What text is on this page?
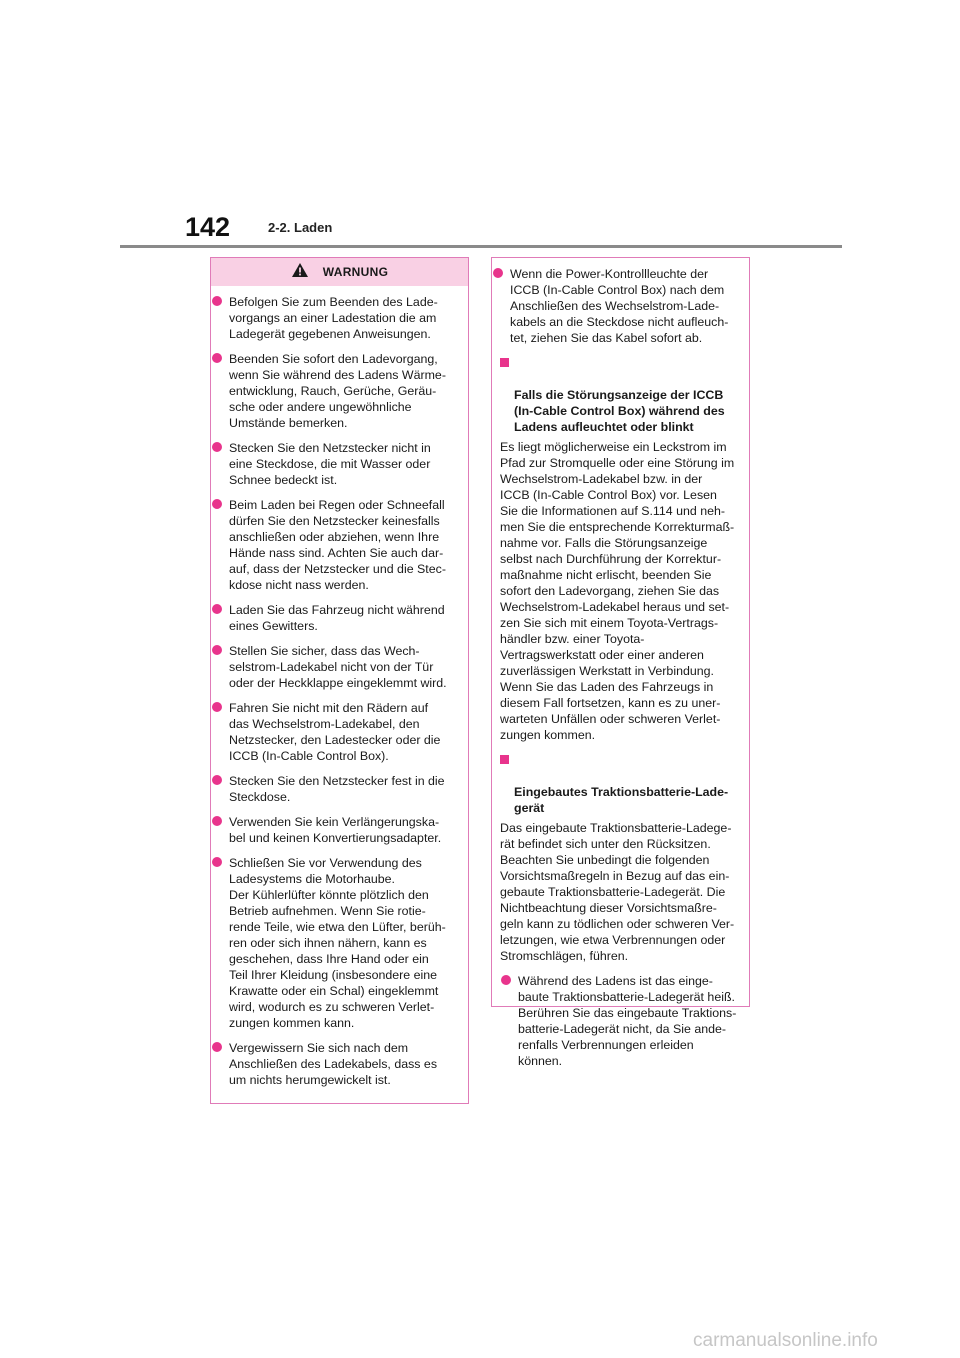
142	2-2. Laden
WARNUNG

Befolgen Sie zum Beenden des Lade-
vorgangs an einer Ladestation die am
Ladegerät gegebenen Anweisungen.

Beenden Sie sofort den Ladevorgang,
wenn Sie während des Ladens Wärme-
entwicklung, Rauch, Gerüche, Geräu-
sche oder andere ungewöhnliche
Umstände bemerken.

Stecken Sie den Netzstecker nicht in
eine Steckdose, die mit Wasser oder
Schnee bedeckt ist.

Beim Laden bei Regen oder Schneefall
dürfen Sie den Netzstecker keinesfalls
anschließen oder abziehen, wenn Ihre
Hände nass sind. Achten Sie auch dar-
auf, dass der Netzstecker und die Stec-
kdose nicht nass werden.

Laden Sie das Fahrzeug nicht während
eines Gewitters.

Stellen Sie sicher, dass das Wech-
selstrom-Ladekabel nicht von der Tür
oder der Heckklappe eingeklemmt wird.

Fahren Sie nicht mit den Rädern auf
das Wechselstrom-Ladekabel, den
Netzstecker, den Ladestecker oder die
ICCB (In-Cable Control Box).

Stecken Sie den Netzstecker fest in die
Steckdose.

Verwenden Sie kein Verlängerungska-
bel und keinen Konvertierungsadapter.

Schließen Sie vor Verwendung des
Ladesystems die Motorhaube.
Der Kühlerlüfter könnte plötzlich den
Betrieb aufnehmen. Wenn Sie rotie-
rende Teile, wie etwa den Lüfter, berüh-
ren oder sich ihnen nähern, kann es
geschehen, dass Ihre Hand oder ein
Teil Ihrer Kleidung (insbesondere eine
Krawatte oder ein Schal) eingeklemmt
wird, wodurch es zu schweren Verlet-
zungen kommen kann.

Vergewissern Sie sich nach dem
Anschließen des Ladekabels, dass es
um nichts herumgewickelt ist.

Wenn die Power-Kontrollleuchte der
ICCB (In-Cable Control Box) nach dem
Anschließen des Wechselstrom-Lade-
kabels an die Steckdose nicht aufleuch-
tet, ziehen Sie das Kabel sofort ab.

Falls die Störungsanzeige der ICCB
(In-Cable Control Box) während des
Ladens aufleuchtet oder blinkt

Es liegt möglicherweise ein Leckstrom im
Pfad zur Stromquelle oder eine Störung im
Wechselstrom-Ladekabel bzw. in der
ICCB (In-Cable Control Box) vor. Lesen
Sie die Informationen auf S.114 und neh-
men Sie die entsprechende Korrekturmaß-
nahme vor. Falls die Störungsanzeige
selbst nach Durchführung der Korrektur-
maßnahme nicht erlischt, beenden Sie
sofort den Ladevorgang, ziehen Sie das
Wechselstrom-Ladekabel heraus und set-
zen Sie sich mit einem Toyota-Vertrags-
händler bzw. einer Toyota-
Vertragswerkstatt oder einer anderen
zuverlässigen Werkstatt in Verbindung.
Wenn Sie das Laden des Fahrzeugs in
diesem Fall fortsetzen, kann es zu uner-
warteten Unfällen oder schweren Verlet-
zungen kommen.

Eingebautes Traktionsbatterie-Lade-
gerät

Das eingebaute Traktionsbatterie-Ladege-
rät befindet sich unter den Rücksitzen.
Beachten Sie unbedingt die folgenden
Vorsichtsmaßregeln in Bezug auf das ein-
gebaute Traktionsbatterie-Ladegerät. Die
Nichtbeachtung dieser Vorsichtsmaßre-
geln kann zu tödlichen oder schweren Ver-
letzungen, wie etwa Verbrennungen oder
Stromschlägen, führen.

Während des Ladens ist das einge-
baute Traktionsbatterie-Ladegerät heiß.
Berühren Sie das eingebaute Traktions-
batterie-Ladegerät nicht, da Sie ande-
renfalls Verbrennungen erleiden
können.

carmanualsonline.info
